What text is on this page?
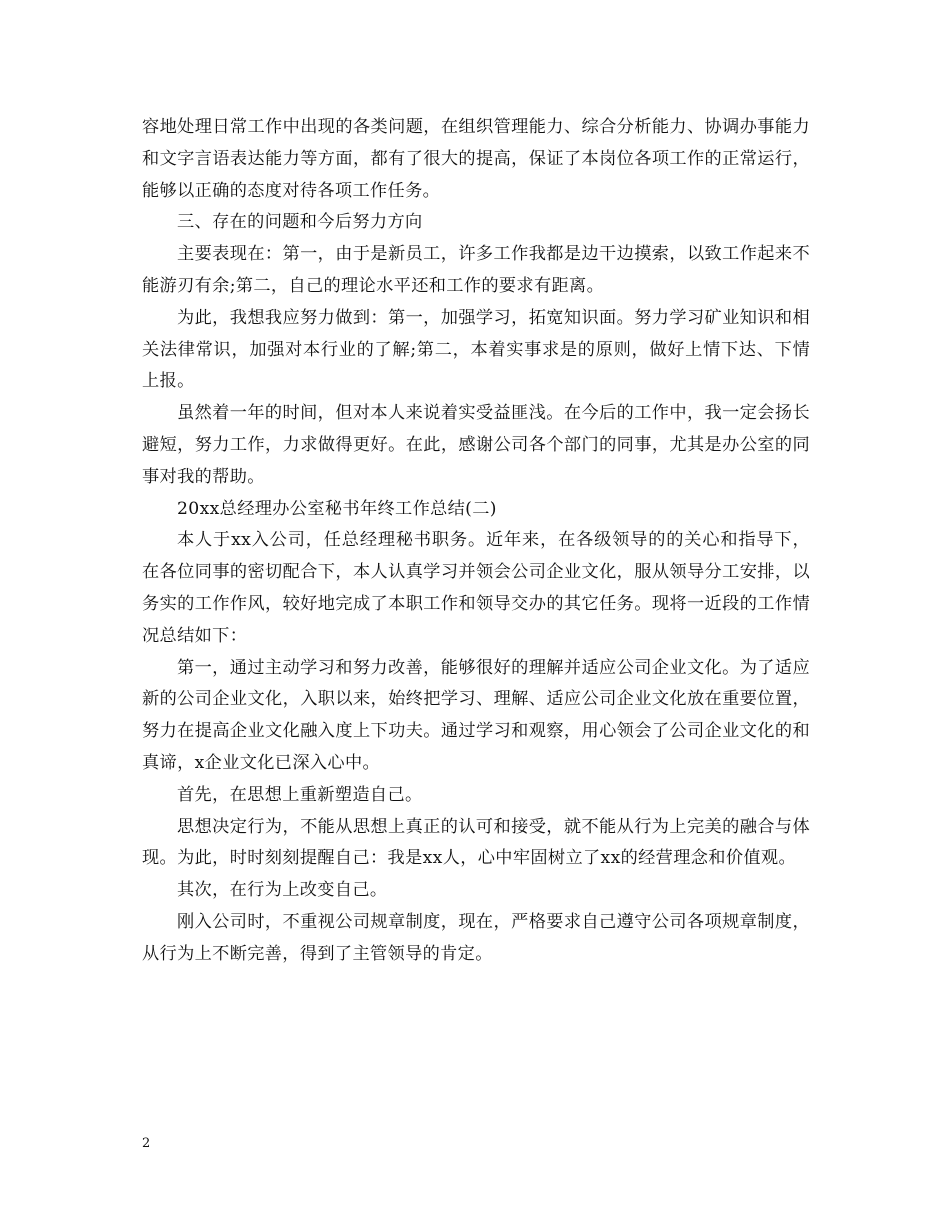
容地处理日常工作中出现的各类问题，在组织管理能力、综合分析能力、协调办事能力和文字言语表达能力等方面，都有了很大的提高，保证了本岗位各项工作的正常运行，能够以正确的态度对待各项工作任务。

三、存在的问题和今后努力方向

主要表现在：第一，由于是新员工，许多工作我都是边干边摸索，以致工作起来不能游刃有余;第二，自己的理论水平还和工作的要求有距离。

为此，我想我应努力做到：第一，加强学习，拓宽知识面。努力学习矿业知识和相关法律常识，加强对本行业的了解;第二，本着实事求是的原则，做好上情下达、下情上报。

虽然着一年的时间，但对本人来说着实受益匪浅。在今后的工作中，我一定会扬长避短，努力工作，力求做得更好。在此，感谢公司各个部门的同事，尤其是办公室的同事对我的帮助。

20xx总经理办公室秘书年终工作总结(二)

本人于xx入公司，任总经理秘书职务。近年来，在各级领导的的关心和指导下，在各位同事的密切配合下，本人认真学习并领会公司企业文化，服从领导分工安排，以务实的工作作风，较好地完成了本职工作和领导交办的其它任务。现将一近段的工作情况总结如下：

第一，通过主动学习和努力改善，能够很好的理解并适应公司企业文化。为了适应新的公司企业文化，入职以来，始终把学习、理解、适应公司企业文化放在重要位置，努力在提高企业文化融入度上下功夫。通过学习和观察，用心领会了公司企业文化的和真谛，x企业文化已深入心中。

首先，在思想上重新塑造自己。

思想决定行为，不能从思想上真正的认可和接受，就不能从行为上完美的融合与体现。为此，时时刻刻提醒自己：我是xx人，心中牢固树立了xx的经营理念和价值观。

其次，在行为上改变自己。

刚入公司时，不重视公司规章制度，现在，严格要求自己遵守公司各项规章制度，从行为上不断完善，得到了主管领导的肯定。

2
